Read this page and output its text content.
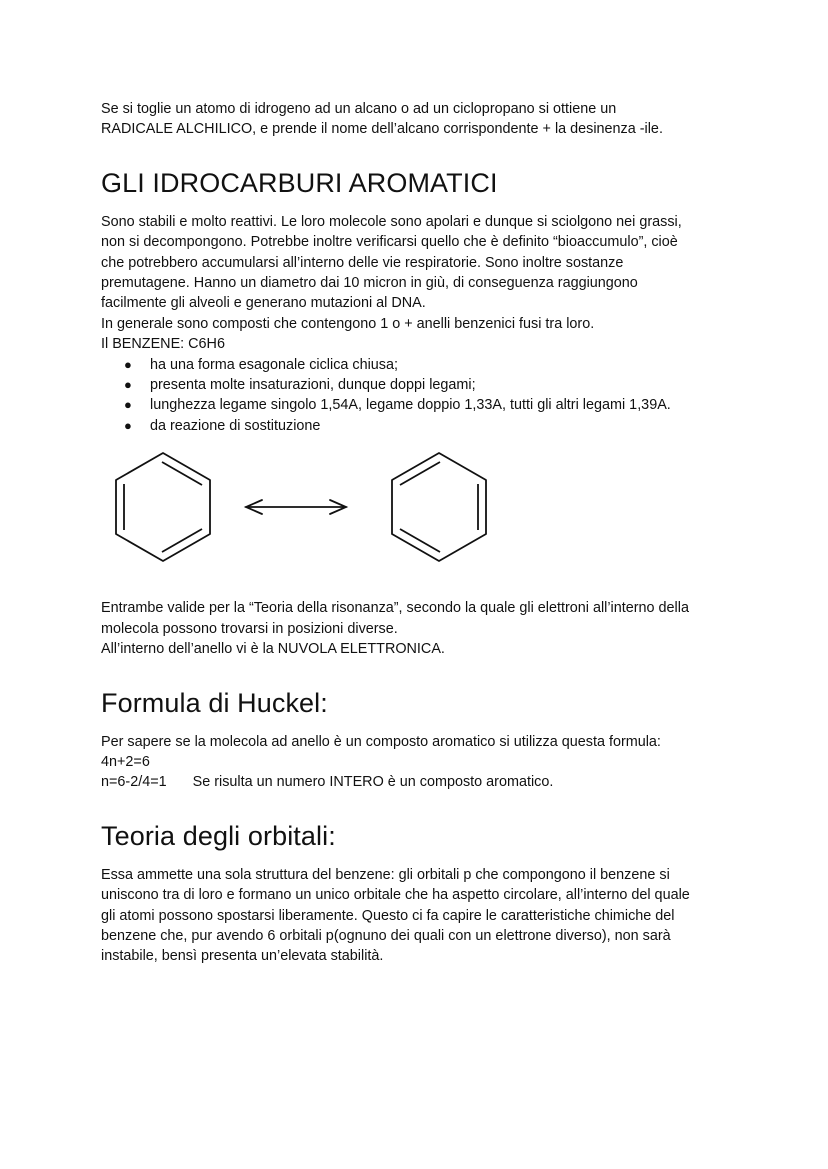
Se si toglie un atomo di idrogeno ad un alcano o ad un ciclopropano si ottiene un

RADICALE ALCHILICO, e prende il nome dell’alcano corrispondente + la desinenza -ile.

GLI IDROCARBURI AROMATICI

Sono stabili e molto reattivi. Le loro molecole sono apolari e dunque si sciolgono nei grassi,

non si decompongono. Potrebbe inoltre verificarsi quello che è definito “bioaccumulo”, cioè

che potrebbero accumularsi all’interno delle vie respiratorie. Sono inoltre sostanze

premutagene. Hanno un diametro dai 10 micron in giù, di conseguenza raggiungono

facilmente gli alveoli e generano mutazioni al DNA.

In generale sono composti che contengono 1 o + anelli benzenici fusi tra loro.

Il BENZENE: C6H6

● ha una forma esagonale ciclica chiusa;
● presenta molte insaturazioni, dunque doppi legami;
● lunghezza legame singolo 1,54A, legame doppio 1,33A, tutti gli altri legami 1,39A.
● da reazione di sostituzione

Entrambe valide per la “Teoria della risonanza”, secondo la quale gli elettroni all’interno della

molecola possono trovarsi in posizioni diverse.

All’interno dell’anello vi è la NUVOLA ELETTRONICA.

Formula di Huckel:

Per sapere se la molecola ad anello è un composto aromatico si utilizza questa formula:

4n+2=6

n=6-2/4=1 Se risulta un numero INTERO è un composto aromatico.

Teoria degli orbitali:

Essa ammette una sola struttura del benzene: gli orbitali p che compongono il benzene si

uniscono tra di loro e formano un unico orbitale che ha aspetto circolare, all’interno del quale

gli atomi possono spostarsi liberamente. Questo ci fa capire le caratteristiche chimiche del

benzene che, pur avendo 6 orbitali p(ognuno dei quali con un elettrone diverso), non sarà

instabile, bensì presenta un’elevata stabilità.
